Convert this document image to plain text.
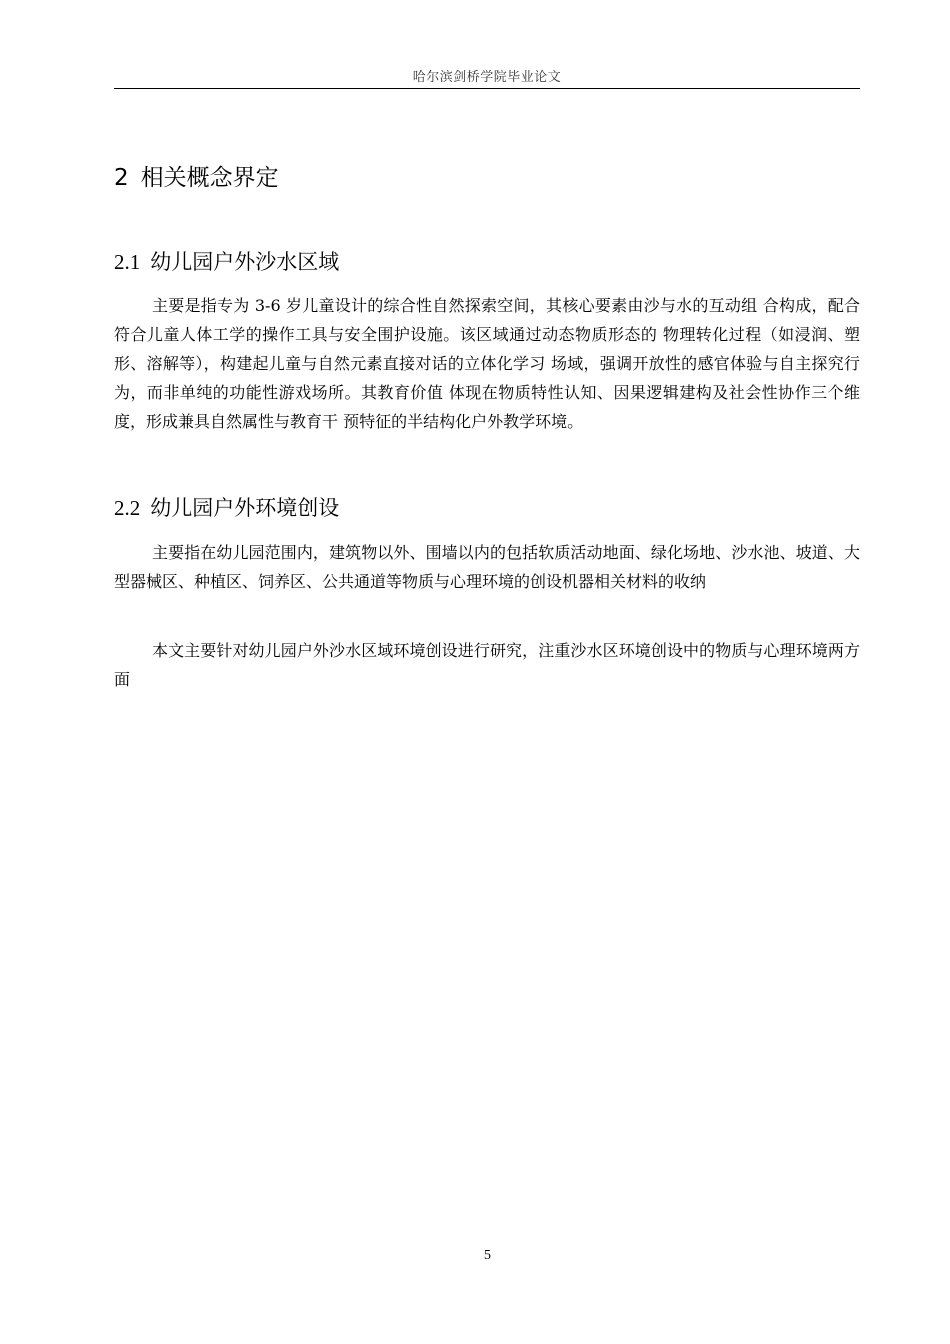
哈尔滨剑桥学院毕业论文
2 相关概念界定
2.1 幼儿园户外沙水区域

主要是指专为 3-6 岁儿童设计的综合性自然探索空间，其核心要素由沙与水的互动组 合构成，配合符合儿童人体工学的操作工具与安全围护设施。该区域通过动态物质形态的 物理转化过程（如浸润、塑形、溶解等），构建起儿童与自然元素直接对话的立体化学习 场域，强调开放性的感官体验与自主探究行为，而非单纯的功能性游戏场所。其教育价值 体现在物质特性认知、因果逻辑建构及社会性协作三个维度，形成兼具自然属性与教育干 预特征的半结构化户外教学环境。

2.2 幼儿园户外环境创设

主要指在幼儿园范围内，建筑物以外、围墙以内的包括软质活动地面、绿化场地、沙水池、坡道、大型器械区、种植区、饲养区、公共通道等物质与心理环境的创设机器相关材料的收纳

本文主要针对幼儿园户外沙水区域环境创设进行研究，注重沙水区环境创设中的物质与心理环境两方面

5
